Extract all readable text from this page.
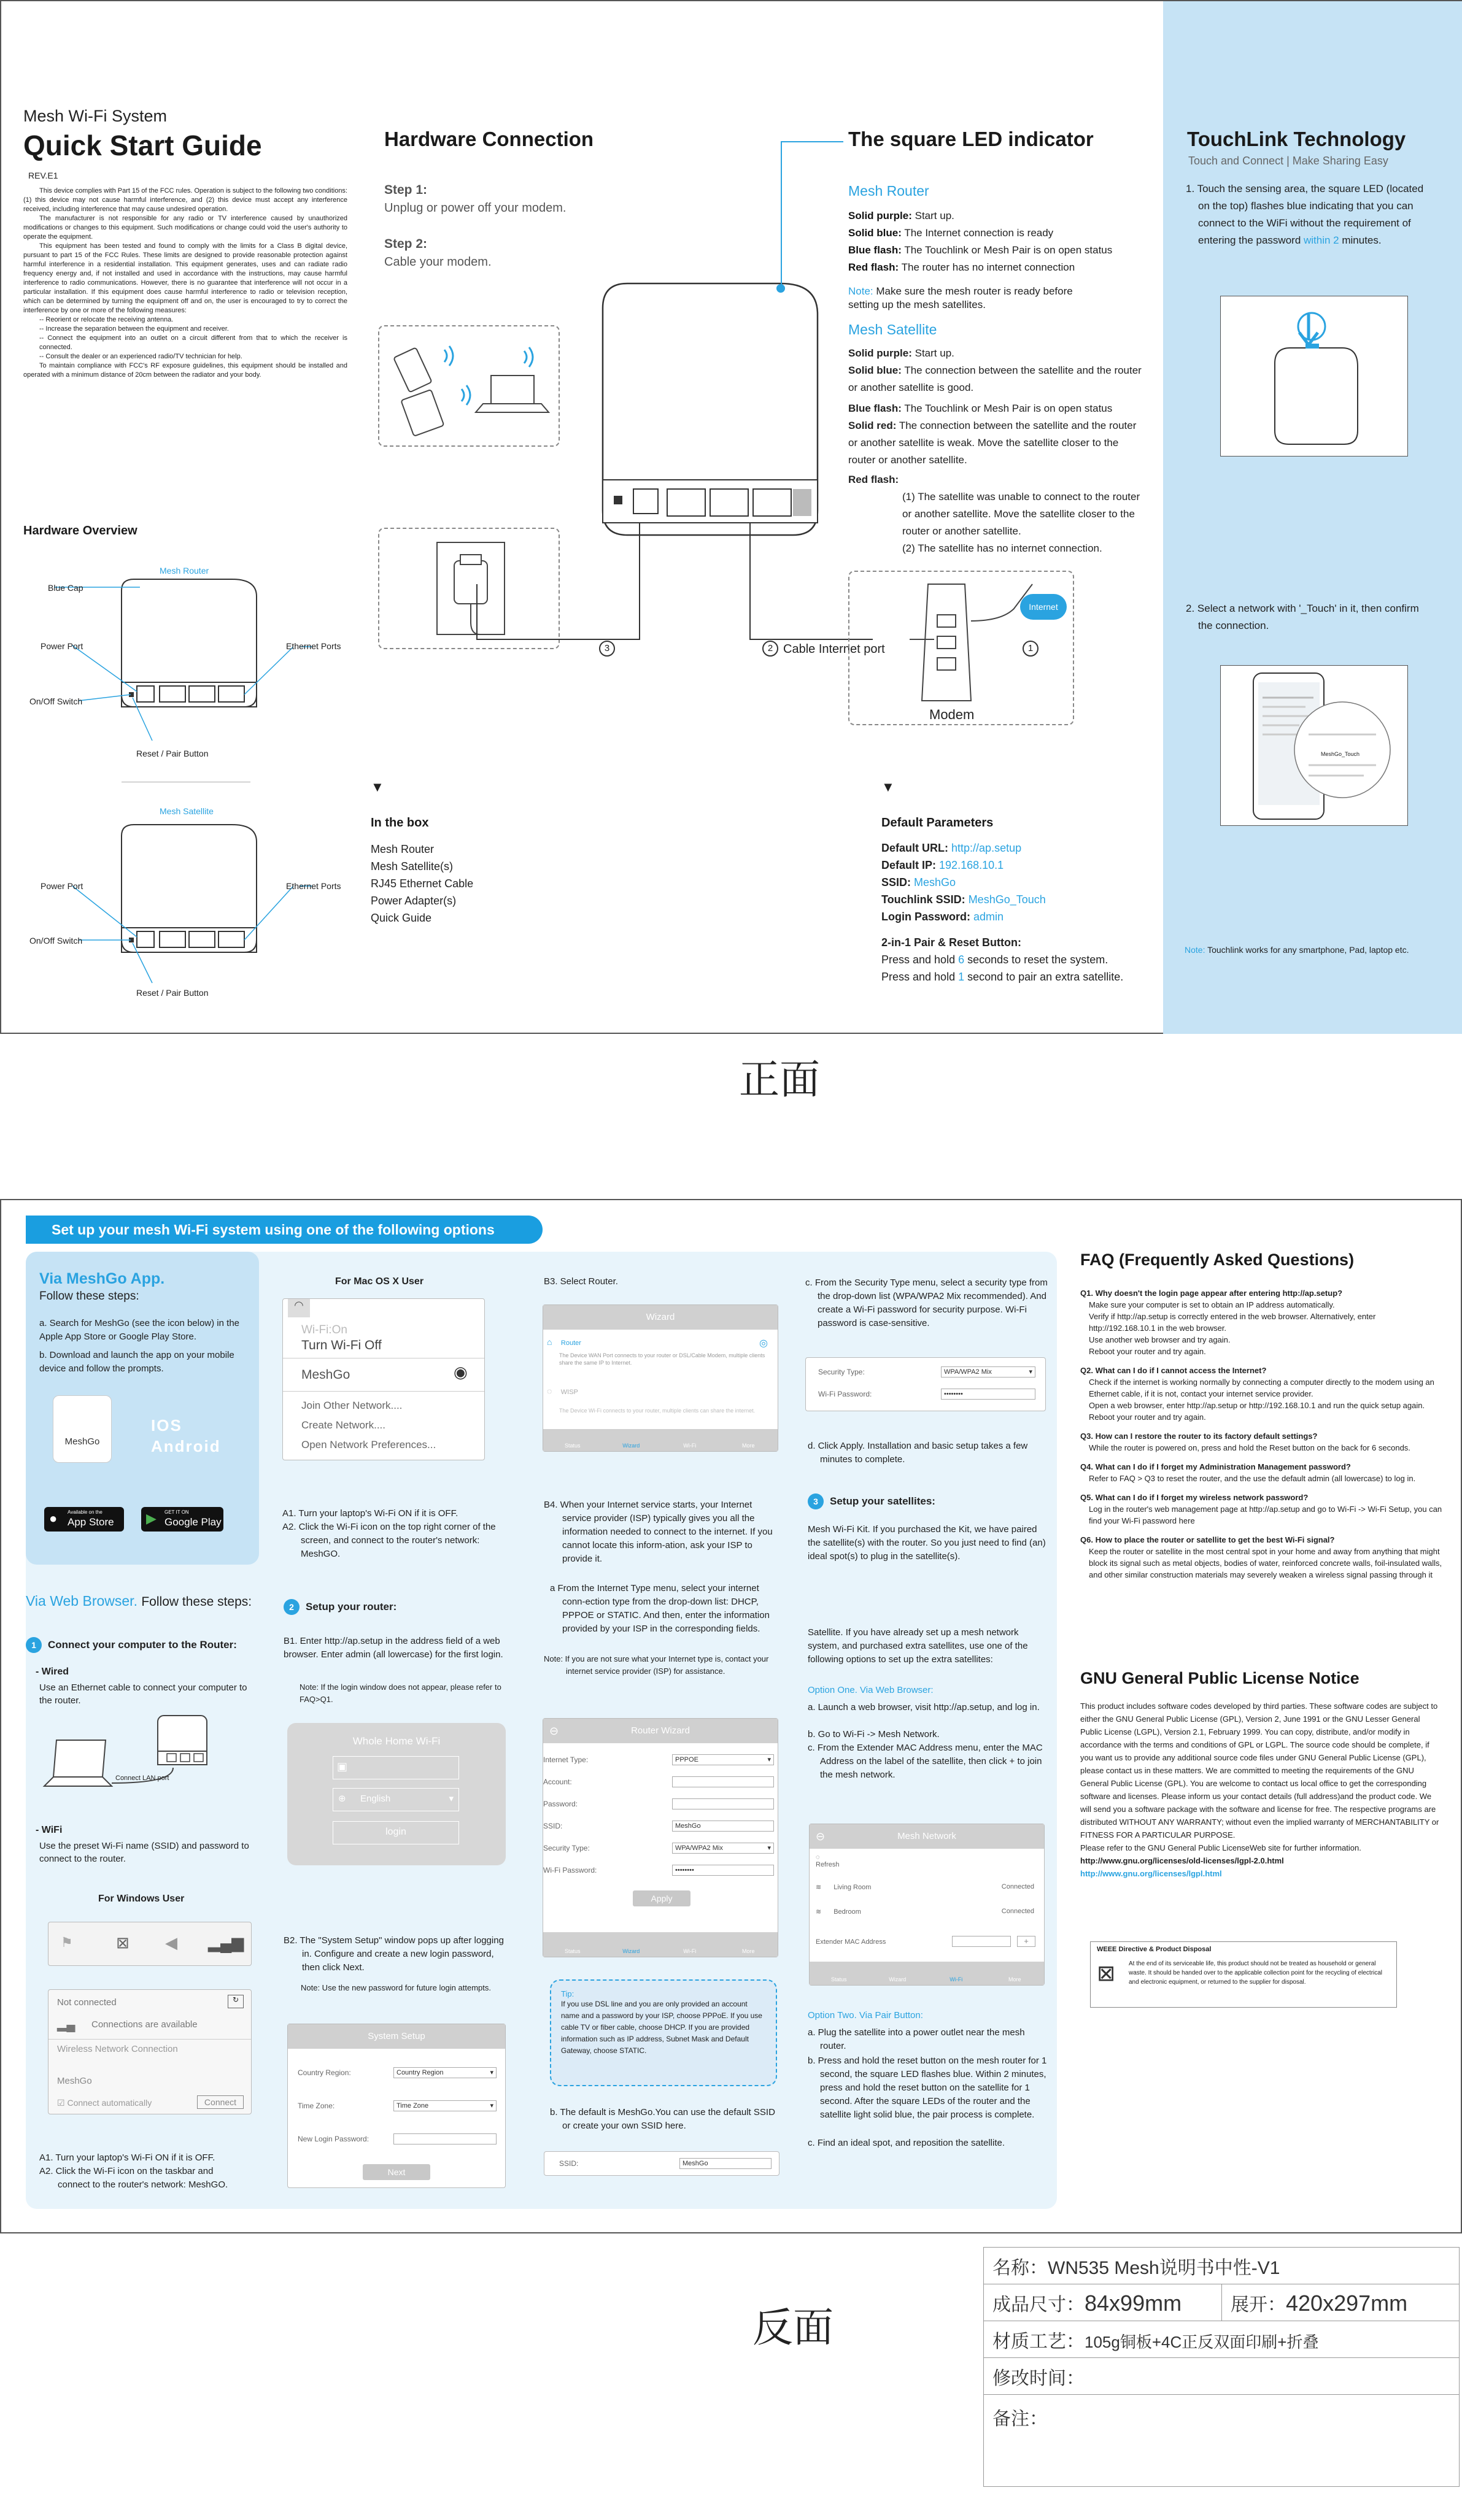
Mesh Wi-Fi System
Quick Start Guide
REV.E1

This device complies with Part 15 of the FCC rules. Operation is subject to the following two conditions: (1) this device may not cause harmful interference, and (2) this device must accept any interference received, including interference that may cause undesired operation.

The manufacturer is not responsible for any radio or TV interference caused by unauthorized modifications or changes to this equipment. Such modifications or change could void the user's authority to operate the equipment.

This equipment has been tested and found to comply with the limits for a Class B digital device, pursuant to part 15 of the FCC Rules. These limits are designed to provide reasonable protection against harmful interference in a residential installation. This equipment generates, uses and can radiate radio frequency energy and, if not installed and used in accordance with the instructions, may cause harmful interference to radio communications. However, there is no guarantee that interference will not occur in a particular installation. If this equipment does cause harmful interference to radio or television reception, which can be determined by turning the equipment off and on, the user is encouraged to try to correct the interference by one or more of the following measures:

-- Reorient or relocate the receiving antenna.

-- Increase the separation between the equipment and receiver.

-- Connect the equipment into an outlet on a circuit different from that to which the receiver is connected.

-- Consult the dealer or an experienced radio/TV technician for help.

To maintain compliance with FCC's RF exposure guidelines, this equipment should be installed and operated with a minimum distance of 20cm between the radiator and your body.

Hardware Overview
Mesh Router
Blue Cap
Power Port	Ethernet Ports
On/Off Switch
Reset / Pair Button
Mesh Satellite
Power Port	Ethernet Ports
On/Off Switch
Reset / Pair Button
Hardware Connection
Step 1:
Unplug or power off your modem.
Step 2:
Cable your modem.
3	2 Cable Internet port
Internet
1
Modem
▼
In the box
Mesh Router
Mesh Satellite(s)
RJ45 Ethernet Cable
Power Adapter(s)
Quick Guide
The square LED indicator
Mesh Router
Solid purple: Start up.
Solid blue: The Internet connection is ready
Blue flash: The Touchlink or Mesh Pair is on open status
Red flash: The router has no internet connection
Note: Make sure the mesh router is ready before setting up the mesh satellites.
Mesh Satellite
Solid purple: Start up.
Solid blue: The connection between the satellite and the router or another satellite is good.
Blue flash: The Touchlink or Mesh Pair is on open status
Solid red: The connection between the satellite and the router or another satellite is weak. Move the satellite closer to the router or another satellite.
Red flash:
(1) The satellite was unable to connect to the router or another satellite. Move the satellite closer to the router or another satellite.
(2) The satellite has no internet connection.
▼
Default Parameters
Default URL: http://ap.setup
Default IP: 192.168.10.1
SSID: MeshGo
Touchlink SSID: MeshGo_Touch
Login Password: admin
2-in-1 Pair & Reset Button:
Press and hold 6 seconds to reset the system.
Press and hold 1 second to pair an extra satellite.
TouchLink Technology
Touch and Connect | Make Sharing Easy
1. Touch the sensing area, the square LED (located on the top) flashes blue indicating that you can connect to the WiFi without the requirement of entering the password within 2 minutes.
2. Select a network with '_Touch' in it, then confirm the connection.
MeshGo_Touch
Note: Touchlink works for any smartphone, Pad, laptop etc.
正面
Set up your mesh Wi-Fi system using one of the following options
Via MeshGo App.
Follow these steps:
a. Search for MeshGo (see the icon below) in the Apple App Store or Google Play Store.
b. Download and launch the app on your mobile device and follow the prompts.
MeshGo
IOS
Android
● Available on the
App Store ▶ GET IT ON
Google Play
Via Web Browser. Follow these steps:
1 Connect your computer to the Router:
- Wired
Use an Ethernet cable to connect your computer to the router.
Connect LAN port
- WiFi
Use the preset Wi-Fi name (SSID) and password to connect to the router.
For Mac OS X User
◠
Wi-Fi:On
Turn Wi-Fi Off
MeshGo	◉
Join Other Network....
Create Network....
Open Network Preferences...
A1. Turn your laptop's Wi-Fi ON if it is OFF.
A2. Click the Wi-Fi icon on the top right corner of the screen, and connect to the router's network: MeshGO.
For Windows User
⚑	⊠ ◀ ▂▄▆
Not connected	↻
▂▄ Connections are available
Wireless Network Connection
MeshGo
☑ Connect automatically	Connect
A1. Turn your laptop's Wi-Fi ON if it is OFF.
A2. Click the Wi-Fi icon on the taskbar and connect to the router's network: MeshGO.
2 Setup your router:
B1. Enter http://ap.setup in the address field of a web browser. Enter admin (all lowercase) for the first login.
Note: If the login window does not appear, please refer to FAQ>Q1.
Whole Home Wi-Fi
▣
⊕ English	▾
login
B2. The "System Setup" window pops up after logging in. Configure and create a new login password, then click Next.
Note: Use the new password for future login attempts.
System Setup
Country Region:	Country Region	▾
Time Zone:	Time Zone	▾
New Login Password:
Next
B3. Select Router.
Wizard
⌂ Router	◎
The Device WAN Port connects to your router or DSL/Cable Modem, multiple clients share the same IP to Internet.
◌ WISP
The Device Wi-Fi connects to your router, multiple clients can share the internet.
Status	Wizard	Wi-Fi	More
B4. When your Internet service starts, your Internet service provider (ISP) typically gives you all the information needed to connect to the internet. If you cannot locate this inform-ation, ask your ISP to provide it.
a From the Internet Type menu, select your internet conn-ection type from the drop-down list: DHCP, PPPOE or STATIC. And then, enter the information provided by your ISP in the corresponding fields.
Note: If you are not sure what your Internet type is, contact your internet service provider (ISP) for assistance.
⊖	Router Wizard
Internet Type:	PPPOE	▾
Account:
Password:
SSID:	MeshGo
Security Type:	WPA/WPA2 Mix	▾
Wi-Fi Password:	••••••••
Apply
Status	Wizard	Wi-Fi	More
Tip:
If you use DSL line and you are only provided an account name and a password by your ISP, choose PPPoE. If you use cable TV or fiber cable, choose DHCP. If you are provided information such as IP address, Subnet Mask and Default Gateway, choose STATIC.
b. The default is MeshGo.You can use the default SSID or create your own SSID here.
SSID:	MeshGo
c. From the Security Type menu, select a security type from the drop-down list (WPA/WPA2 Mix recommended). And create a Wi-Fi password for security purpose. Wi-Fi password is case-sensitive.
Security Type:	WPA/WPA2 Mix	▾
Wi-Fi Password:	••••••••
d. Click Apply. Installation and basic setup takes a few minutes to complete.
3 Setup your satellites:
Mesh Wi-Fi Kit. If you purchased the Kit, we have paired the satellite(s) with the router. So you just need to find (an) ideal spot(s) to plug in the satellite(s).
Satellite. If you have already set up a mesh network system, and purchased extra satellites, use one of the following options to set up the extra satellites:
Option One. Via Web Browser:
a. Launch a web browser, visit http://ap.setup, and log in.
b. Go to Wi-Fi -> Mesh Network.
c. From the Extender MAC Address menu, enter the MAC Address on the label of the satellite, then click + to join the mesh network.
⊖	Mesh Network
◌
Refresh
≋ Living Room	Connected
≋ Bedroom	Connected
Extender MAC Address	+
Status	Wizard	Wi-Fi	More
Option Two. Via Pair Button:
a. Plug the satellite into a power outlet near the mesh router.
b. Press and hold the reset button on the mesh router for 1 second, the square LED flashes blue. Within 2 minutes, press and hold the reset button on the satellite for 1 second. After the square LEDs of the router and the satellite light solid blue, the pair process is complete.
c. Find an ideal spot, and reposition the satellite.
FAQ (Frequently Asked Questions)
Q1. Why doesn't the login page appear after entering http://ap.setup?
Make sure your computer is set to obtain an IP address automatically.
Verify if http://ap.setup is correctly entered in the web browser. Alternatively, enter http://192.168.10.1 in the web browser.
Use another web browser and try again.
Reboot your router and try again.
Q2. What can I do if I cannot access the Internet?
Check if the internet is working normally by connecting a computer directly to the modem using an Ethernet cable, if it is not, contact your internet service provider.
Open a web browser, enter http://ap.setup or http://192.168.10.1 and run the quick setup again.
Reboot your router and try again.
Q3. How can I restore the router to its factory default settings?
While the router is powered on, press and hold the Reset button on the back for 6 seconds.
Q4. What can I do if I forget my Administration Management password?
Refer to FAQ > Q3 to reset the router, and the use the default admin (all lowercase) to log in.
Q5. What can I do if I forget my wireless network password?
Log in the router's web management page at http://ap.setup and go to Wi-Fi -> Wi-Fi Setup, you can find your Wi-Fi password here
Q6. How to place the router or satellite to get the best Wi-Fi signal?
Keep the router or satellite in the most central spot in your home and away from anything that might block its signal such as metal objects, bodies of water, reinforced concrete walls, foil-insulated walls, and other similar construction materials may severely weaken a wireless signal passing through it
GNU General Public License Notice
This product includes software codes developed by third parties. These software codes are subject to either the GNU General Public License (GPL), Version 2, June 1991 or the GNU Lesser General Public License (LGPL), Version 2.1, February 1999. You can copy, distribute, and/or modify in accordance with the terms and conditions of GPL or LGPL. The source code should be complete, if you want us to provide any additional source code files under GNU General Public License (GPL), please contact us in these matters. We are committed to meeting the requirements of the GNU General Public License (GPL). You are welcome to contact us local office to get the corresponding software and licenses. Please inform us your contact details (full address)and the product code. We will send you a software package with the software and license for free. The respective programs are distributed WITHOUT ANY WARRANTY; without even the implied warranty of MERCHANTABILITY or FITNESS FOR A PARTICULAR PURPOSE.
Please refer to the GNU General Public LicenseWeb site for further information.
http://www.gnu.org/licenses/old-licenses/lgpl-2.0.html
http://www.gnu.org/licenses/lgpl.html
WEEE Directive & Product Disposal
⊠ At the end of its serviceable life, this product should not be treated as household or general waste. It should be handed over to the applicable collection point for the recycling of electrical and electronic equipment, or returned to the supplier for disposal.
反面
名称：WN535 Mesh说明书中性-V1
成品尺寸：84x99mm	展开：420x297mm
材质工艺：105g铜板+4C正反双面印刷+折叠
修改时间：
备注：
